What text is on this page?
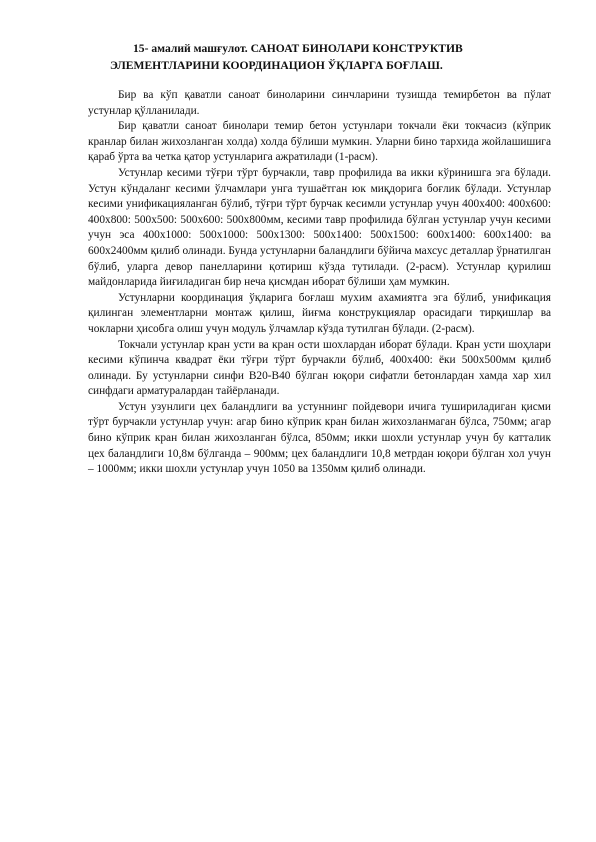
15- амалий машғулот. САНОАТ БИНОЛАРИ КОНСТРУКТИВ
ЭЛЕМЕНТЛАРИНИ КООРДИНАЦИОН ЎҚЛАРГА БОҒЛАШ.

Бир ва кўп қаватли саноат биноларини синчларини тузишда темирбетон ва пўлат устунлар қўлланилади.

Бир қаватли саноат бинолари темир бетон устунлари токчали ёки токчасиз (кўприк кранлар билан жихозланган холда) холда бўлиши мумкин. Уларни бино тархида жойлашишига қараб ўрта ва четка қатор устунларига ажратилади (1-расм).

Устунлар кесими тўғри тўрт бурчакли, тавр профилида ва икки кўринишга эга бўлади. Устун кўндаланг кесими ўлчамлари унга тушаётган юк миқдорига боғлик бўлади. Устунлар кесими унификацияланган бўлиб, тўғри тўрт бурчак кесимли устунлар учун 400х400: 400х600: 400х800: 500х500: 500х600: 500х800мм, кесими тавр профилида бўлган устунлар учун кесими учун эса 400х1000: 500х1000: 500х1300: 500х1400: 500х1500: 600х1400: 600х1400: ва 600х2400мм қилиб олинади. Бунда устунларни баландлиги бўйича махсус деталлар ўрнатилган бўлиб, уларга девор панелларини қотириш кўзда тутилади. (2-расм). Устунлар қурилиш майдонларида йиғиладиган бир неча қисмдан иборат бўлиши ҳам мумкин.

Устунларни координация ўқларига боғлаш мухим ахамиятга эга бўлиб, унификация қилинган элементларни монтаж қилиш, йиғма конструкциялар орасидаги тирқишлар ва чокларни ҳисобга олиш учун модуль ўлчамлар кўзда тутилган бўлади. (2-расм).

Токчали устунлар кран усти ва кран ости шохлардан иборат бўлади. Кран усти шоҳлари кесими кўпинча квадрат ёки тўғри тўрт бурчакли бўлиб, 400х400: ёки 500х500мм қилиб олинади. Бу устунларни синфи В20-В40 бўлган юқори сифатли бетонлардан хамда хар хил синфдаги арматуралардан тайёрланади.

Устун узунлиги цех баландлиги ва устуннинг пойдевори ичига тушириладиган қисми тўрт бурчакли устунлар учун: агар бино кўприк кран билан жихозланмаган бўлса, 750мм; агар бино кўприк кран билан жихозланган бўлса, 850мм; икки шохли устунлар учун бу катталик цех баландлиги 10,8м бўлганда – 900мм; цех баландлиги 10,8 метрдан юқори бўлган хол учун – 1000мм; икки шохли устунлар учун 1050 ва 1350мм қилиб олинади.
